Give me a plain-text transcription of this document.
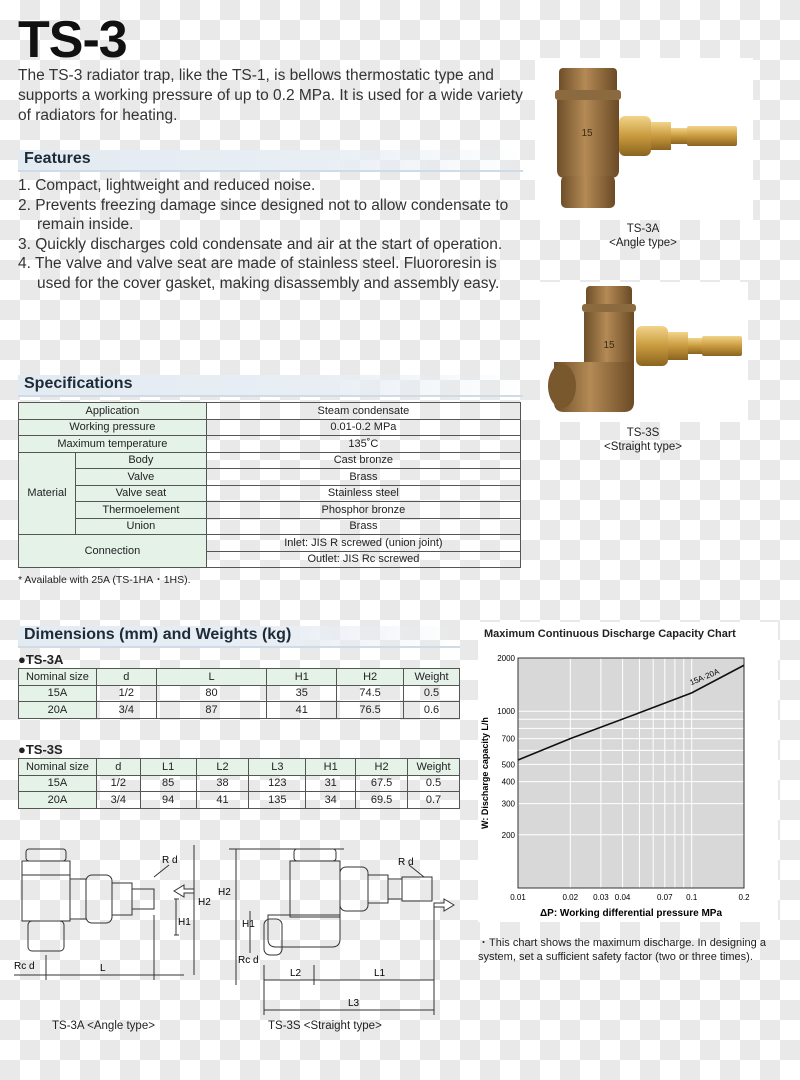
TS-3
The TS-3 radiator trap, like the TS-1, is bellows thermostatic type and supports a working pressure of up to 0.2 MPa. It is used for a wide variety of radiators for heating.
Features
1. Compact, lightweight and reduced noise.
2. Prevents freezing damage since designed not to allow condensate to remain inside.
3. Quickly discharges cold condensate and air at the start of operation.
4. The valve and valve seat are made of stainless steel. Fluororesin is used for the cover gasket, making disassembly and assembly easy.
15
TS-3A
<Angle type>
15
TS-3S
<Straight type>
Specifications
Application		Steam condensate
Working pressure		0.01-0.2 MPa
Maximum temperature		135˚C
Material	Body	Cast bronze
	Valve	Brass
	Valve seat	Stainless steel
	Thermoelement	Phosphor bronze
	Union	Brass
Connection		Inlet: JIS R screwed (union joint)
		Outlet: JIS Rc screwed
* Available with 25A (TS-1HA・1HS).
Dimensions (mm) and Weights (kg)
●TS-3A
Nominal size	d	L	H1	H2	Weight
15A	1/2	80	35	74.5	0.5
20A	3/4	87	41	76.5	0.6
●TS-3S
Nominal size	d	L1	L2	L3	H1	H2	Weight
15A	1/2	85	38	123	31	67.5	0.5
20A	3/4	94	41	135	34	69.5	0.7
R d
Rc d	L
H1
H2
R d
Rc d
H1
H2
L2	L1
L3
TS-3A <Angle type>	TS-3S <Straight type>
Maximum Continuous Discharge Capacity Chart
0.01	0.02 0.03 0.04	0.07 0.1	0.2
200
300
400
500
700
1000
2000
15A·20A
ΔP: Working differential pressure MPa
W: Discharge capacity L/h
・This chart shows the maximum discharge. In designing a system, set a sufficient safety factor (two or three times).
